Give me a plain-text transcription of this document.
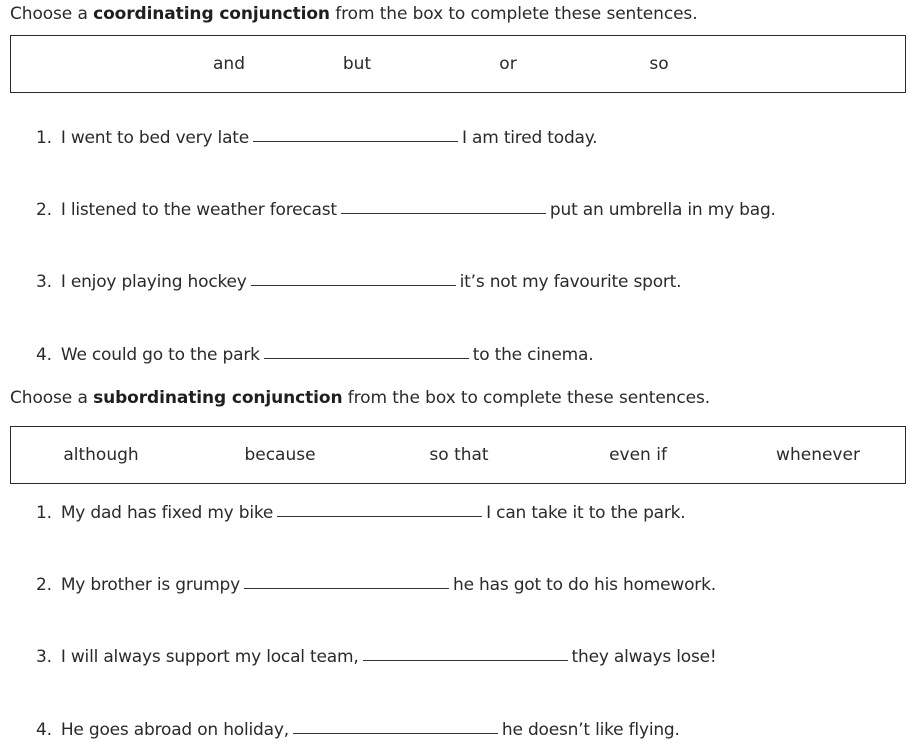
Choose a coordinating conjunction from the box to complete these sentences.
and	but	or	so
1. I went to bed very late	I am tired today.
2. I listened to the weather forecast	put an umbrella in my bag.
3. I enjoy playing hockey	it’s not my favourite sport.
4. We could go to the park	to the cinema.
Choose a subordinating conjunction from the box to complete these sentences.
although	because	so that	even if	whenever
1. My dad has fixed my bike	I can take it to the park.
2. My brother is grumpy	he has got to do his homework.
3. I will always support my local team,	they always lose!
4. He goes abroad on holiday,	he doesn’t like flying.
